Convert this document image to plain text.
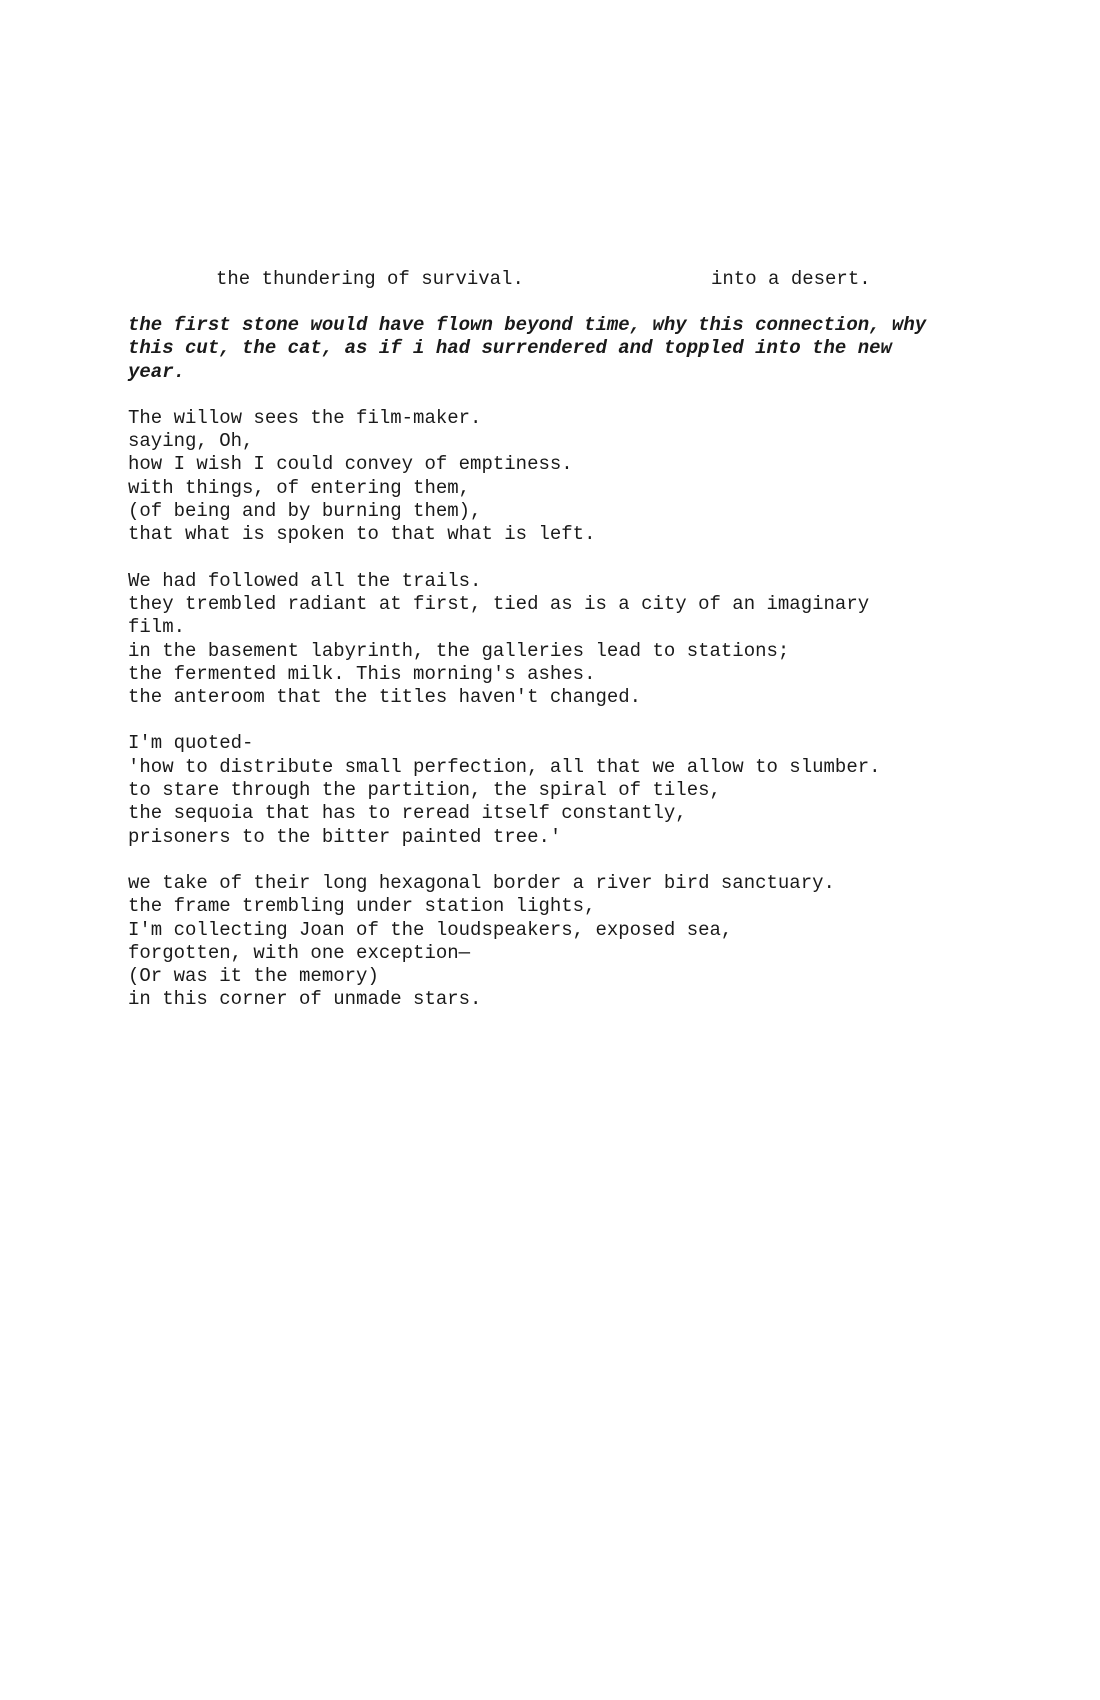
the thundering of survival.	into a desert.

the first stone would have flown beyond time, why this connection, why
this cut, the cat, as if i had surrendered and toppled into the new
year.

The willow sees the film-maker.
saying, Oh,
how I wish I could convey of emptiness.
with things, of entering them,
(of being and by burning them),
that what is spoken to that what is left.

We had followed all the trails.
they trembled radiant at first, tied as is a city of an imaginary
film.
in the basement labyrinth, the galleries lead to stations;
the fermented milk. This morning's ashes.
the anteroom that the titles haven't changed.

I'm quoted-
'how to distribute small perfection, all that we allow to slumber.
to stare through the partition, the spiral of tiles,
the sequoia that has to reread itself constantly,
prisoners to the bitter painted tree.'

we take of their long hexagonal border a river bird sanctuary.
the frame trembling under station lights,
I'm collecting Joan of the loudspeakers, exposed sea,
forgotten, with one exception—
(Or was it the memory)
in this corner of unmade stars.
